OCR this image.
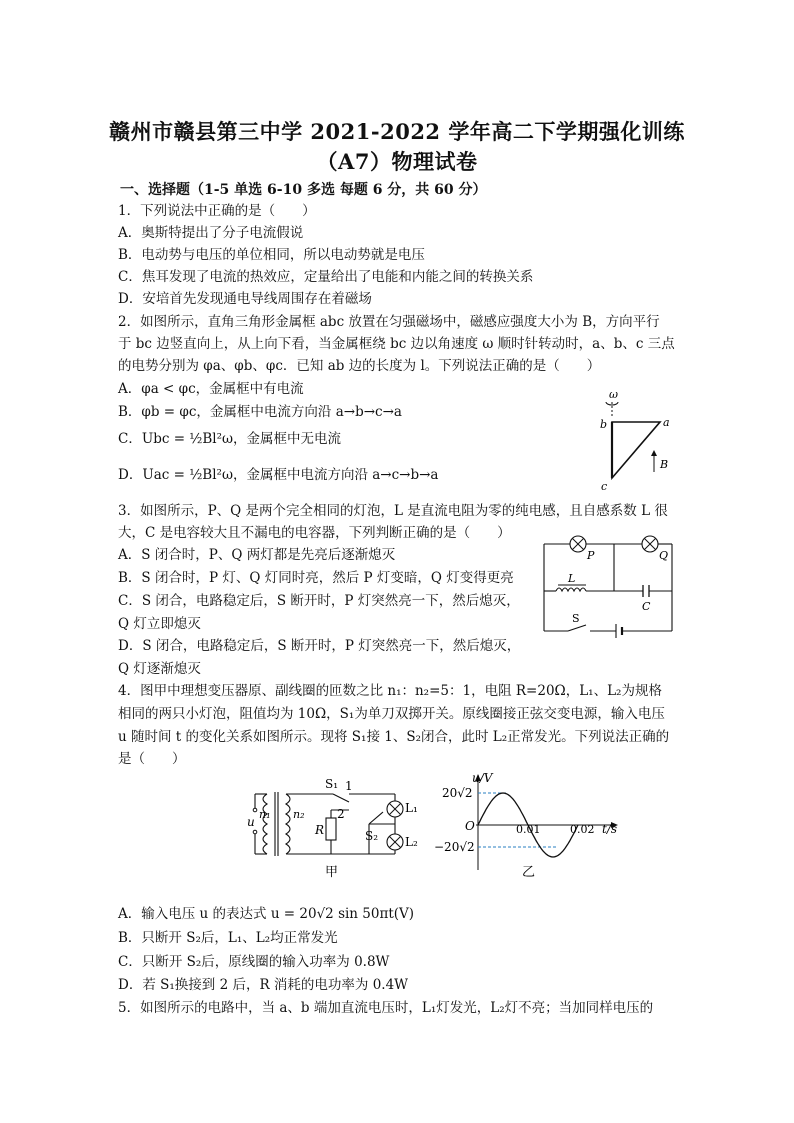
赣州市赣县第三中学 2021-2022 学年高二下学期强化训练
（A7）物理试卷
一、选择题（1-5 单选 6-10 多选 每题 6 分，共 60 分）
1．下列说法中正确的是（　　）
A．奥斯特提出了分子电流假说
B．电动势与电压的单位相同，所以电动势就是电压
C．焦耳发现了电流的热效应，定量给出了电能和内能之间的转换关系
D．安培首先发现通电导线周围存在着磁场
2．如图所示，直角三角形金属框 abc 放置在匀强磁场中，磁感应强度大小为 B，方向平行
于 bc 边竖直向上，从上向下看，当金属框绕 bc 边以角速度 ω 顺时针转动时，a、b、c 三点
的电势分别为 φa、φb、φc．已知 ab 边的长度为 l。下列说法正确的是（　　）
A．φa < φc，金属框中有电流
B．φb = φc，金属框中电流方向沿 a→b→c→a
C．Ubc = ½Bl²ω，金属框中无电流
D．Uac = ½Bl²ω，金属框中电流方向沿 a→c→b→a
ω
b	a
c
B
3．如图所示，P、Q 是两个完全相同的灯泡，L 是直流电阻为零的纯电感，且自感系数 L 很
大，C 是电容较大且不漏电的电容器，下列判断正确的是（　　）
A．S 闭合时，P、Q 两灯都是先亮后逐渐熄灭
B．S 闭合时，P 灯、Q 灯同时亮，然后 P 灯变暗，Q 灯变得更亮
C．S 闭合，电路稳定后，S 断开时，P 灯突然亮一下，然后熄灭，
Q 灯立即熄灭
D．S 闭合，电路稳定后，S 断开时，P 灯突然亮一下，然后熄灭，
Q 灯逐渐熄灭
P	Q
L
C
S
4．图甲中理想变压器原、副线圈的匝数之比 n₁：n₂=5：1，电阻 R=20Ω，L₁、L₂为规格
相同的两只小灯泡，阻值均为 10Ω，S₁为单刀双掷开关。原线圈接正弦交变电源，输入电压
u 随时间 t 的变化关系如图所示。现将 S₁接 1、S₂闭合，此时 L₂正常发光。下列说法正确的
是（　　）
S₁ 1
2
n₁ n₂
u
R
L₁
L₂
S₂
甲
u/V
20√2
−20√2
O	0.01	0.02 t/s
乙
A．输入电压 u 的表达式 u = 20√2 sin 50πt(V)
B．只断开 S₂后，L₁、L₂均正常发光
C．只断开 S₂后，原线圈的输入功率为 0.8W
D．若 S₁换接到 2 后，R 消耗的电功率为 0.4W
5．如图所示的电路中，当 a、b 端加直流电压时，L₁灯发光，L₂灯不亮；当加同样电压的
